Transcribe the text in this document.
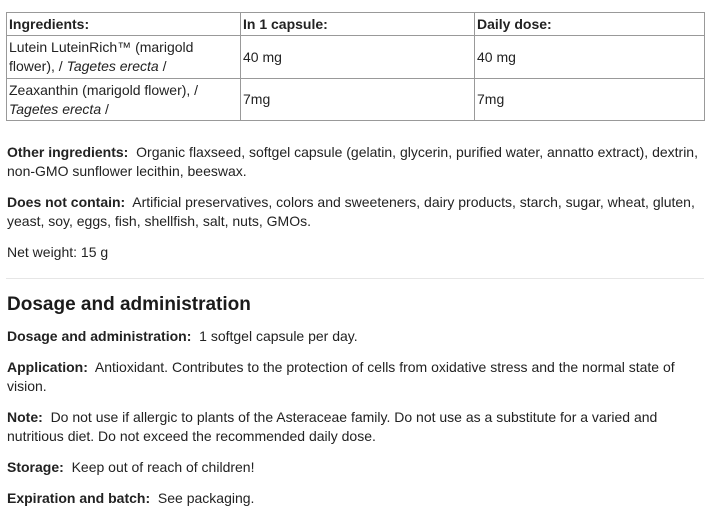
Ingredients:	In 1 capsule:	Daily dose:
Lutein LuteinRich™ (marigold flower), / Tagetes erecta /	40 mg	40 mg
Zeaxanthin (marigold flower), / Tagetes erecta /	7mg	7mg

Other ingredients: Organic flaxseed, softgel capsule (gelatin, glycerin, purified water, annatto extract), dextrin, non-GMO sunflower lecithin, beeswax.

Does not contain: Artificial preservatives, colors and sweeteners, dairy products, starch, sugar, wheat, gluten, yeast, soy, eggs, fish, shellfish, salt, nuts, GMOs.

Net weight: 15 g

Dosage and administration

Dosage and administration: 1 softgel capsule per day.

Application: Antioxidant. Contributes to the protection of cells from oxidative stress and the normal state of vision.

Note: Do not use if allergic to plants of the Asteraceae family. Do not use as a substitute for a varied and nutritious diet. Do not exceed the recommended daily dose.

Storage: Keep out of reach of children!

Expiration and batch: See packaging.
